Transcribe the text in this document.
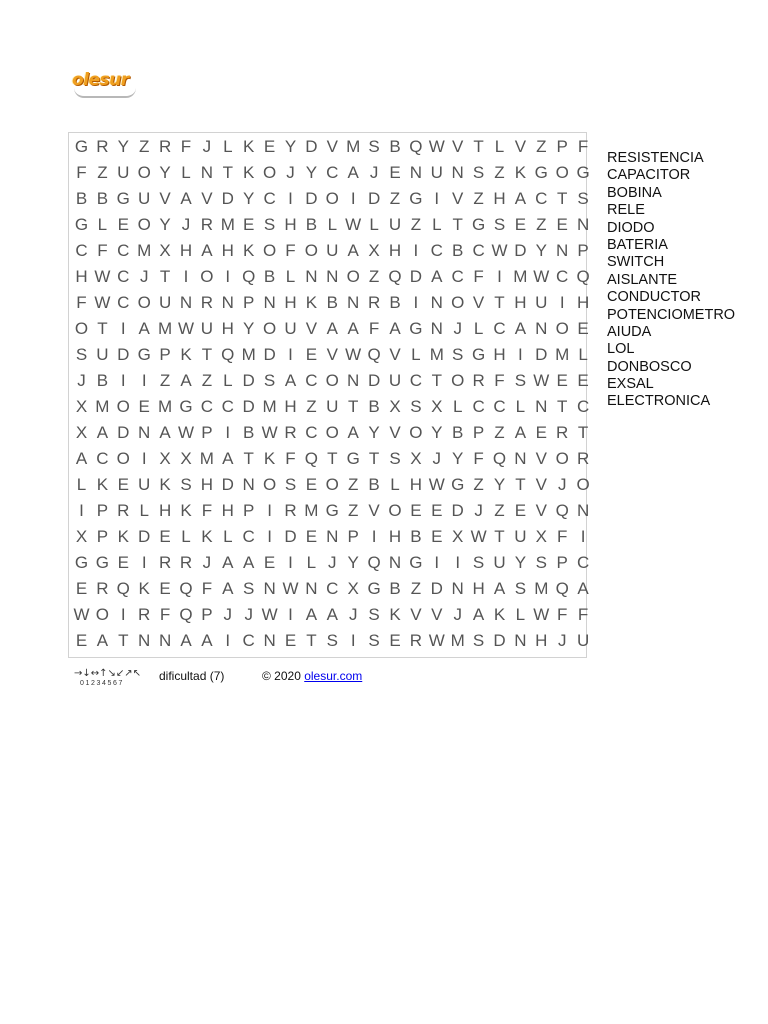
olesur
G R Y Z R F J L K E Y D V M S B Q W V T L V Z P F
F Z U O Y L N T K O J Y C A J E N U N S Z K G O G
B B G U V A V D Y C I D O I D Z G I V Z H A C T S
G L E O Y J R M E S H B L W L U Z L T G S E Z E N
C F C M X H A H K O F O U A X H I C B C W D Y N P
H W C J T I O I Q B L N N O Z Q D A C F I M W C Q
F W C O U N R N P N H K B N R B I N O V T H U I H
O T I A M W U H Y O U V A A F A G N J L C A N O E
S U D G P K T Q M D I E V W Q V L M S G H I D M L
J B I I Z A Z L D S A C O N D U C T O R F S W E E
X M O E M G C C D M H Z U T B X S X L C C L N T C
X A D N A W P I B W R C O A Y V O Y B P Z A E R T
A C O I X X M A T K F Q T G T S X J Y F Q N V O R
L K E U K S H D N O S E O Z B L H W G Z Y T V J O
I P R L H K F H P I R M G Z V O E E D J Z E V Q N
X P K D E L K L C I D E N P I H B E X W T U X F I
G G E I R R J A A E I L J Y Q N G I I S U Y S P C
E R Q K E Q F A S N W N C X G B Z D N H A S M Q A
W O I R F Q P J J W I A A J S K V V J A K L W F F
E A T N N A A I C N E T S I S E R W M S D N H J U
RESISTENCIA
CAPACITOR
BOBINA
RELE
DIODO
BATERIA
SWITCH
AISLANTE
CONDUCTOR
POTENCIOMETRO
AIUDA
LOL
DONBOSCO
EXSAL
ELECTRONICA
→↓↔↑↘↙↗↖
01234567
dificultad (7)	© 2020 olesur.com
